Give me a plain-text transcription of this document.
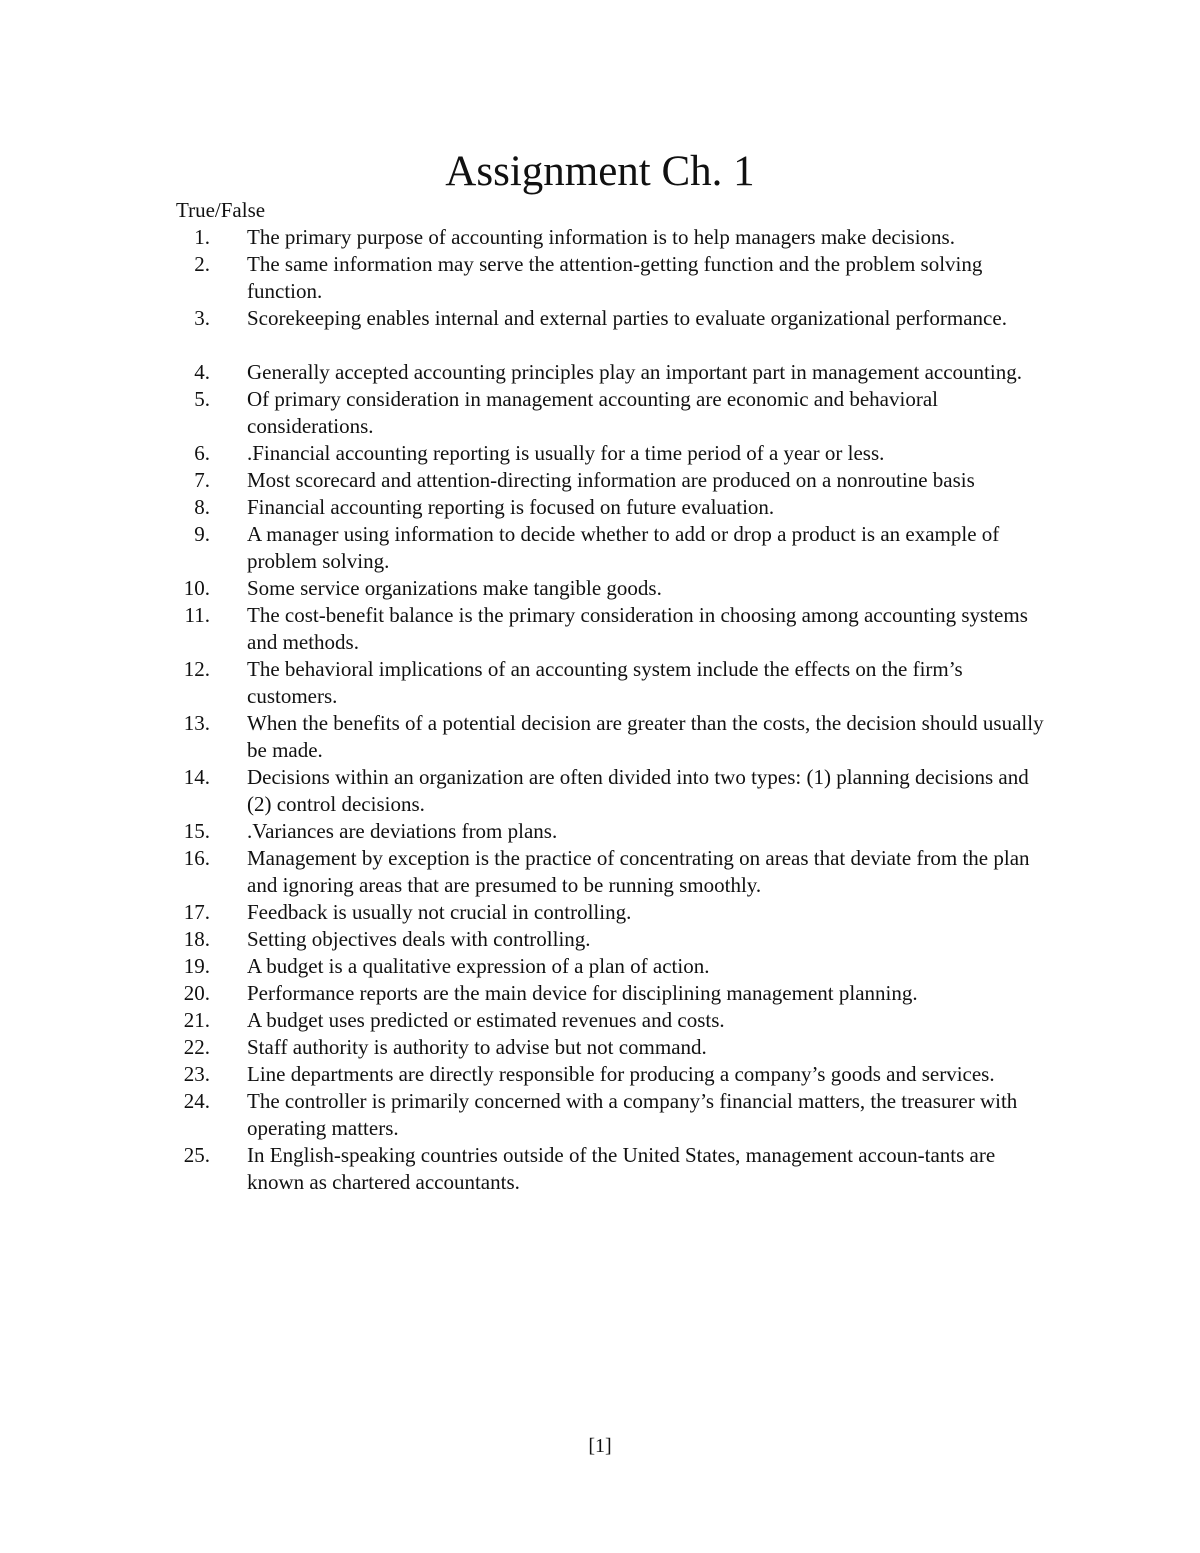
Assignment Ch. 1
True/False
1. The primary purpose of accounting information is to help managers make decisions.
2. The same information may serve the attention-getting function and the problem solving function.
3. Scorekeeping enables internal and external parties to evaluate organizational performance.
4. Generally accepted accounting principles play an important part in management accounting.
5. Of primary consideration in management accounting are economic and behavioral considerations.
6. .Financial accounting reporting is usually for a time period of a year or less.
7. Most scorecard and attention-directing information are produced on a nonroutine basis
8. Financial accounting reporting is focused on future evaluation.
9. A manager using information to decide whether to add or drop a product is an example of problem solving.
10. Some service organizations make tangible goods.
11. The cost-benefit balance is the primary consideration in choosing among accounting systems and methods.
12. The behavioral implications of an accounting system include the effects on the firm’s customers.
13. When the benefits of a potential decision are greater than the costs, the decision should usually be made.
14. Decisions within an organization are often divided into two types: (1) planning decisions and (2) control decisions.
15. .Variances are deviations from plans.
16. Management by exception is the practice of concentrating on areas that deviate from the plan and ignoring areas that are presumed to be running smoothly.
17. Feedback is usually not crucial in controlling.
18. Setting objectives deals with controlling.
19. A budget is a qualitative expression of a plan of action.
20. Performance reports are the main device for disciplining management planning.
21. A budget uses predicted or estimated revenues and costs.
22. Staff authority is authority to advise but not command.
23. Line departments are directly responsible for producing a company’s goods and services.
24. The controller is primarily concerned with a company’s financial matters, the treasurer with operating matters.
25. In English-speaking countries outside of the United States, management accoun-tants are known as chartered accountants.
[1]
